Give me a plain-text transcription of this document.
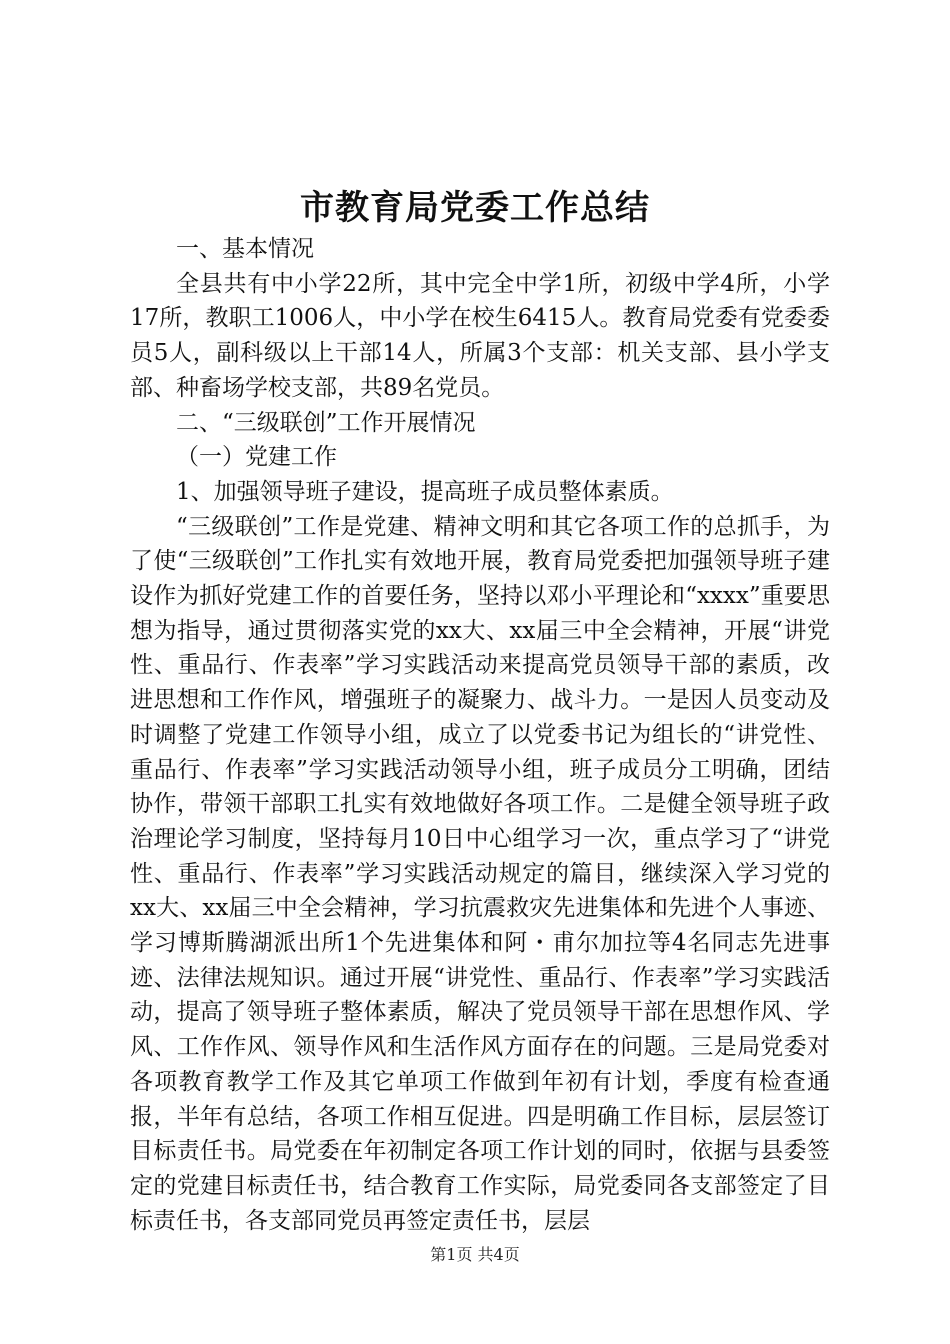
市教育局党委工作总结

一、基本情况

全县共有中小学22所，其中完全中学1所，初级中学4所，小学17所，教职工1006人，中小学在校生6415人。教育局党委有党委委员5人，副科级以上干部14人，所属3个支部：机关支部、县小学支部、种畜场学校支部，共89名党员。

二、“三级联创”工作开展情况

（一）党建工作

1、加强领导班子建设，提高班子成员整体素质。

“三级联创”工作是党建、精神文明和其它各项工作的总抓手，为了使“三级联创”工作扎实有效地开展，教育局党委把加强领导班子建设作为抓好党建工作的首要任务，坚持以邓小平理论和“xxxx”重要思想为指导，通过贯彻落实党的xx大、xx届三中全会精神，开展“讲党性、重品行、作表率”学习实践活动来提高党员领导干部的素质，改进思想和工作作风，增强班子的凝聚力、战斗力。一是因人员变动及时调整了党建工作领导小组，成立了以党委书记为组长的“讲党性、重品行、作表率”学习实践活动领导小组，班子成员分工明确，团结协作，带领干部职工扎实有效地做好各项工作。二是健全领导班子政治理论学习制度，坚持每月10日中心组学习一次，重点学习了“讲党性、重品行、作表率”学习实践活动规定的篇目，继续深入学习党的xx大、xx届三中全会精神，学习抗震救灾先进集体和先进个人事迹、学习博斯腾湖派出所1个先进集体和阿・甫尔加拉等4名同志先进事迹、法律法规知识。通过开展“讲党性、重品行、作表率”学习实践活动，提高了领导班子整体素质，解决了党员领导干部在思想作风、学风、工作作风、领导作风和生活作风方面存在的问题。三是局党委对各项教育教学工作及其它单项工作做到年初有计划，季度有检查通报，半年有总结，各项工作相互促进。四是明确工作目标，层层签订目标责任书。局党委在年初制定各项工作计划的同时，依据与县委签定的党建目标责任书，结合教育工作实际，局党委同各支部签定了目标责任书，各支部同党员再签定责任书，层层

第1页 共4页
